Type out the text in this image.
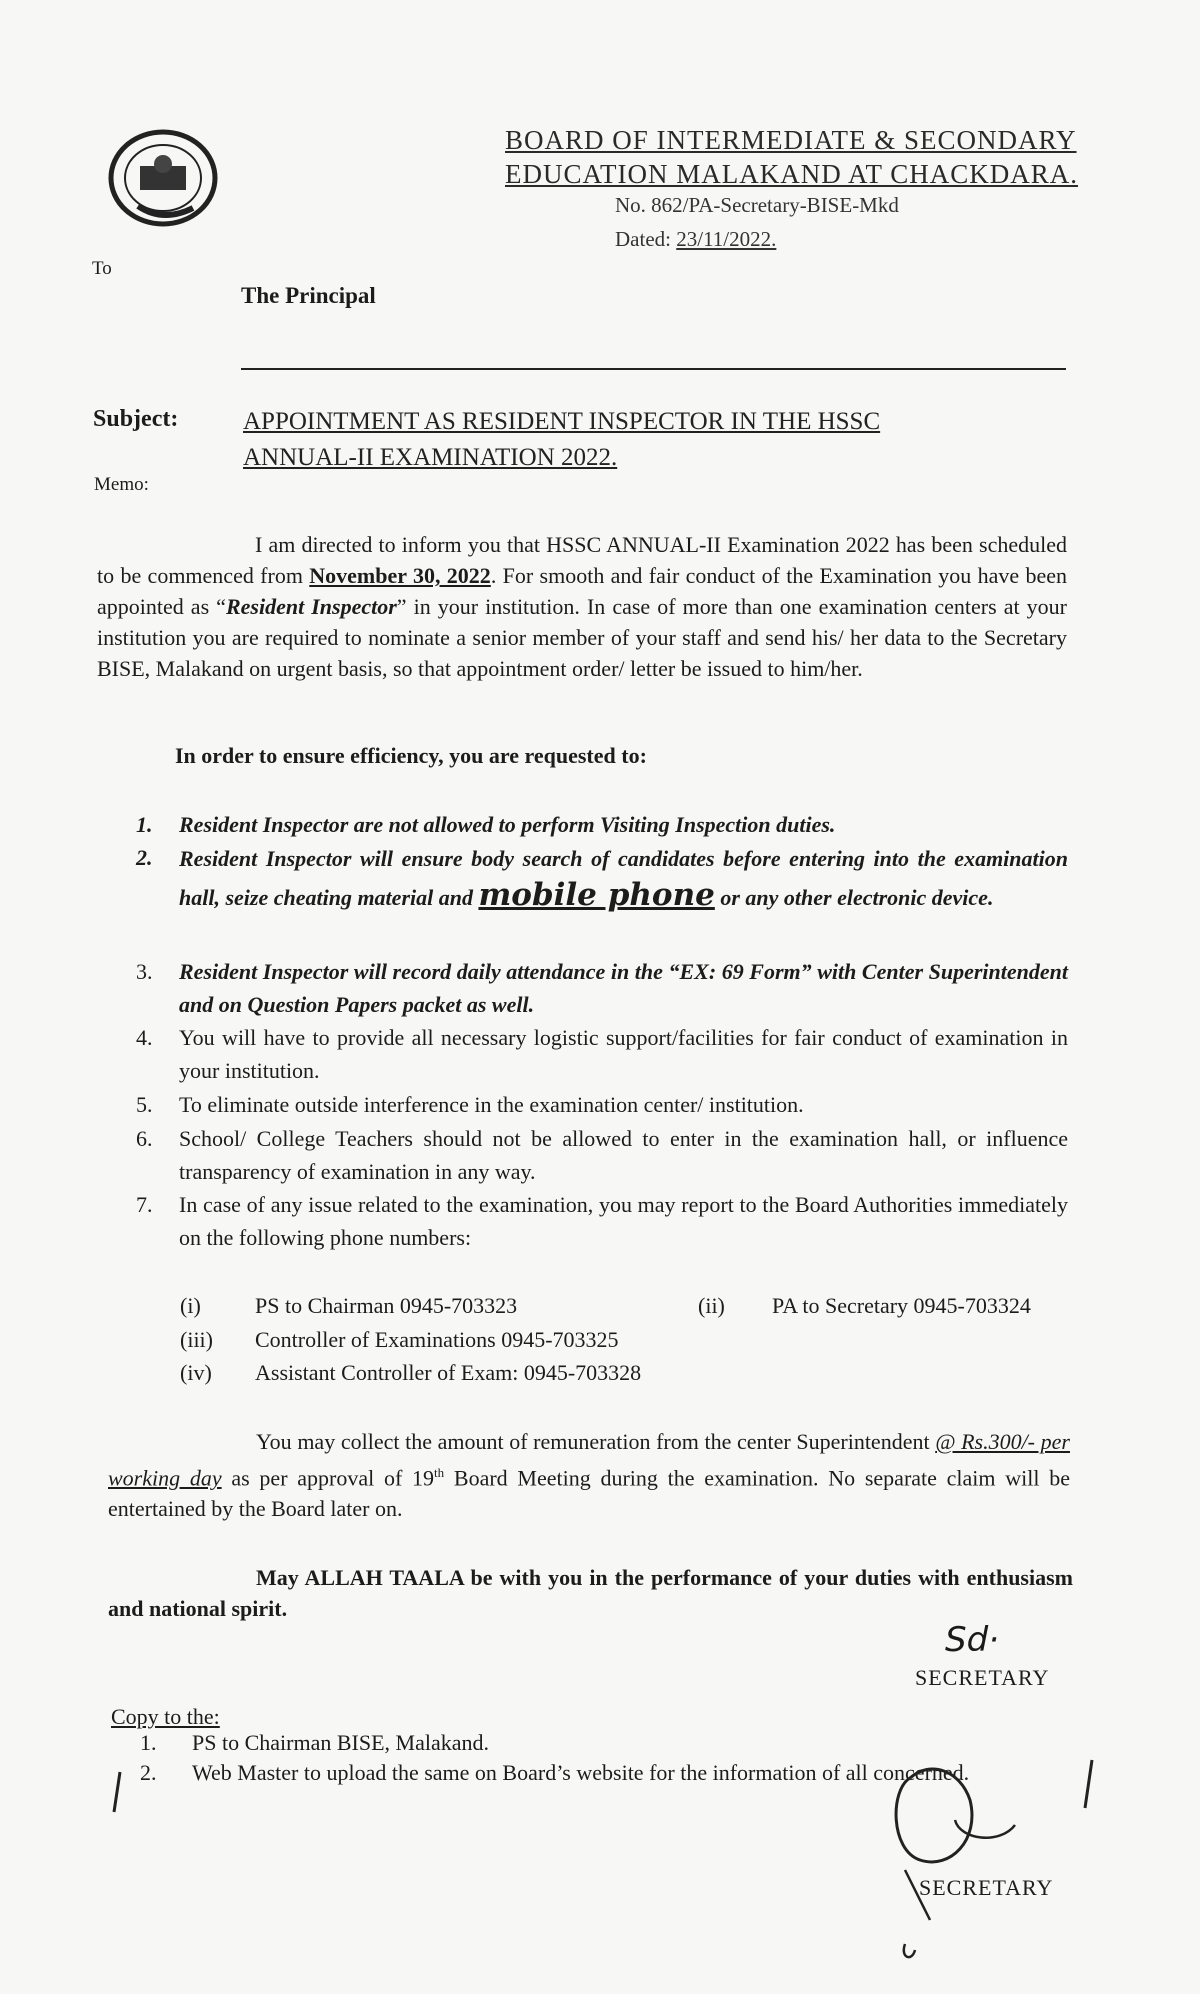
BOARD OF INTERMEDIATE & SECONDARY
EDUCATION MALAKAND AT CHACKDARA.
No. 862/PA-Secretary-BISE-Mkd
Dated: 23/11/2022.
To
The Principal
Subject:	APPOINTMENT AS RESIDENT INSPECTOR IN THE HSSC
ANNUAL-II EXAMINATION 2022.
Memo:
I am directed to inform you that HSSC ANNUAL-II Examination 2022 has been scheduled to be commenced from November 30, 2022. For smooth and fair conduct of the Examination you have been appointed as “Resident Inspector” in your institution. In case of more than one examination centers at your institution you are required to nominate a senior member of your staff and send his/ her data to the Secretary BISE, Malakand on urgent basis, so that appointment order/ letter be issued to him/her.
In order to ensure efficiency, you are requested to:
1.	Resident Inspector are not allowed to perform Visiting Inspection duties.
2.	Resident Inspector will ensure body search of candidates before entering into the examination hall, seize cheating material and mobile phone or any other electronic device.
3.	Resident Inspector will record daily attendance in the “EX: 69 Form” with Center Superintendent and on Question Papers packet as well.
4.	You will have to provide all necessary logistic support/facilities for fair conduct of examination in your institution.
5.	To eliminate outside interference in the examination center/ institution.
6.	School/ College Teachers should not be allowed to enter in the examination hall, or influence transparency of examination in any way.
7.	In case of any issue related to the examination, you may report to the Board Authorities immediately on the following phone numbers:
(i) PS to Chairman 0945-703323	(ii) PA to Secretary 0945-703324
(iii) Controller of Examinations 0945-703325
(iv) Assistant Controller of Exam: 0945-703328
You may collect the amount of remuneration from the center Superintendent @ Rs.300/- per working day as per approval of 19th Board Meeting during the examination. No separate claim will be entertained by the Board later on.
May ALLAH TAALA be with you in the performance of your duties with enthusiasm and national spirit.
Sd·
SECRETARY
Copy to the:
1. PS to Chairman BISE, Malakand.
2. Web Master to upload the same on Board’s website for the information of all concerned.
SECRETARY
